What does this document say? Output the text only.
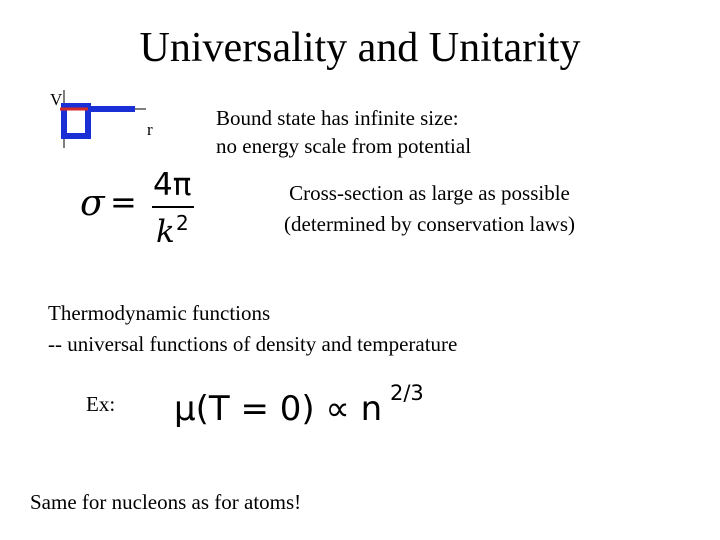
Universality and Unitarity
V
r	Bound state has infinite size:
no energy scale from potential
σ = 4π
k 2
Cross-section as large as possible
(determined by conservation laws)
Thermodynamic functions
-- universal functions of density and temperature
Ex: μ(T = 0) ∝ n 2/3
Same for nucleons as for atoms!
